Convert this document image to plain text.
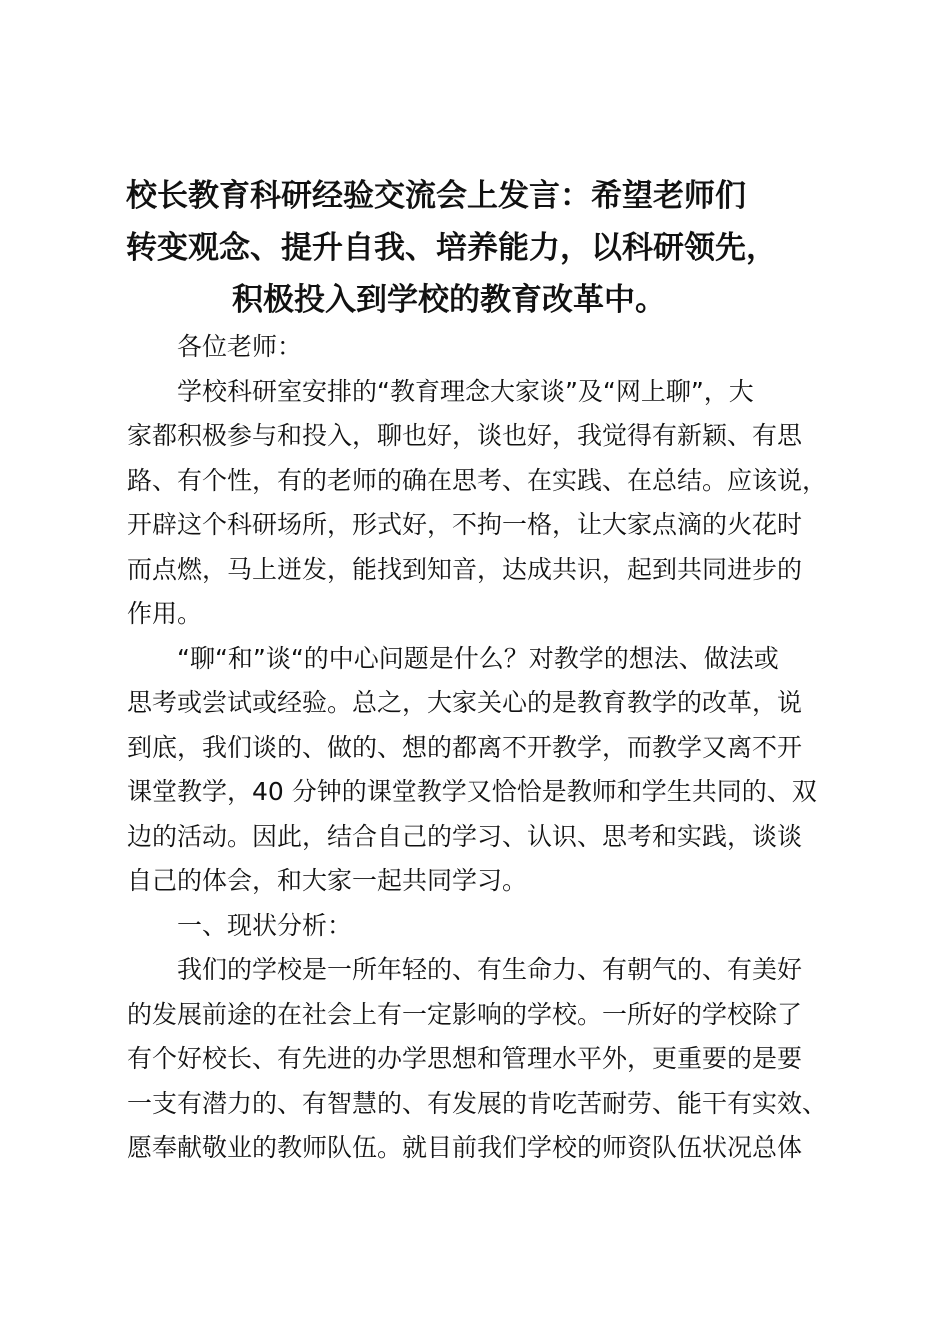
校长教育科研经验交流会上发言：希望老师们
转变观念、提升自我、培养能力，以科研领先，
积极投入到学校的教育改革中。
各位老师：
学校科研室安排的“教育理念大家谈”及“网上聊”，大
家都积极参与和投入，聊也好，谈也好，我觉得有新颖、有思
路、有个性，有的老师的确在思考、在实践、在总结。应该说，
开辟这个科研场所，形式好，不拘一格，让大家点滴的火花时
而点燃，马上迸发，能找到知音，达成共识，起到共同进步的
作用。
“聊“和”谈“的中心问题是什么？对教学的想法、做法或
思考或尝试或经验。总之，大家关心的是教育教学的改革，说
到底，我们谈的、做的、想的都离不开教学，而教学又离不开
课堂教学，40 分钟的课堂教学又恰恰是教师和学生共同的、双
边的活动。因此，结合自己的学习、认识、思考和实践，谈谈
自己的体会，和大家一起共同学习。
一、现状分析：
我们的学校是一所年轻的、有生命力、有朝气的、有美好
的发展前途的在社会上有一定影响的学校。一所好的学校除了
有个好校长、有先进的办学思想和管理水平外，更重要的是要
一支有潜力的、有智慧的、有发展的肯吃苦耐劳、能干有实效、
愿奉献敬业的教师队伍。就目前我们学校的师资队伍状况总体
